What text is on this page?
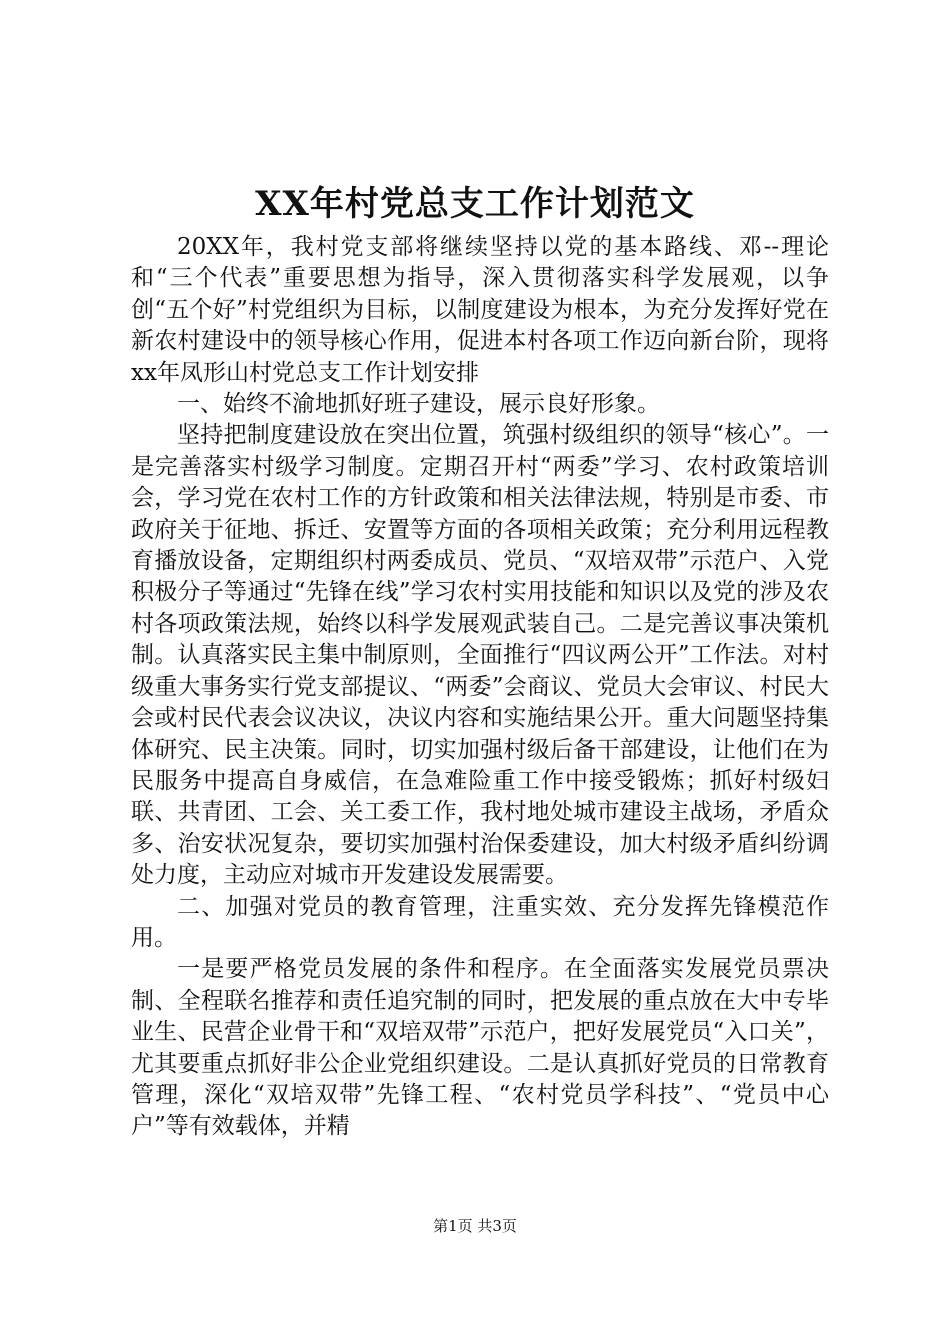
XX年村党总支工作计划范文

20XX年，我村党支部将继续坚持以党的基本路线、邓--理论和“三个代表”重要思想为指导，深入贯彻落实科学发展观，以争创“五个好”村党组织为目标，以制度建设为根本，为充分发挥好党在新农村建设中的领导核心作用，促进本村各项工作迈向新台阶，现将xx年凤形山村党总支工作计划安排

一、始终不渝地抓好班子建设，展示良好形象。

坚持把制度建设放在突出位置，筑强村级组织的领导“核心”。一是完善落实村级学习制度。定期召开村“两委”学习、农村政策培训会，学习党在农村工作的方针政策和相关法律法规，特别是市委、市政府关于征地、拆迁、安置等方面的各项相关政策；充分利用远程教育播放设备，定期组织村两委成员、党员、“双培双带”示范户、入党积极分子等通过“先锋在线”学习农村实用技能和知识以及党的涉及农村各项政策法规，始终以科学发展观武装自己。二是完善议事决策机制。认真落实民主集中制原则，全面推行“四议两公开”工作法。对村级重大事务实行党支部提议、“两委”会商议、党员大会审议、村民大会或村民代表会议决议，决议内容和实施结果公开。重大问题坚持集体研究、民主决策。同时，切实加强村级后备干部建设，让他们在为民服务中提高自身威信，在急难险重工作中接受锻炼；抓好村级妇联、共青团、工会、关工委工作，我村地处城市建设主战场，矛盾众多、治安状况复杂，要切实加强村治保委建设，加大村级矛盾纠纷调处力度，主动应对城市开发建设发展需要。

二、加强对党员的教育管理，注重实效、充分发挥先锋模范作用。

一是要严格党员发展的条件和程序。在全面落实发展党员票决制、全程联名推荐和责任追究制的同时，把发展的重点放在大中专毕业生、民营企业骨干和“双培双带”示范户，把好发展党员“入口关”，尤其要重点抓好非公企业党组织建设。二是认真抓好党员的日常教育管理，深化“双培双带”先锋工程、“农村党员学科技”、“党员中心户”等有效载体，并精

第1页 共3页
